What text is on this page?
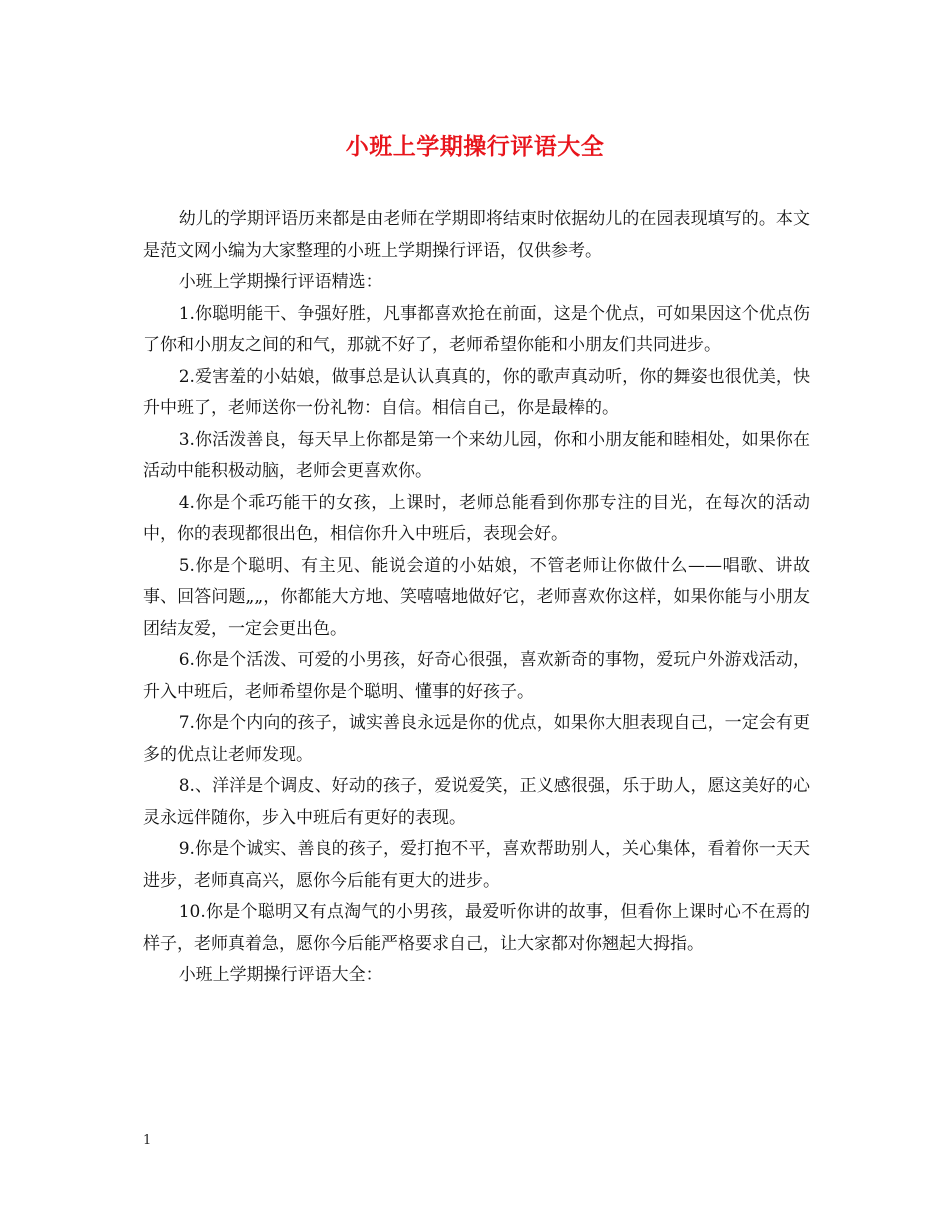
小班上学期操行评语大全

幼儿的学期评语历来都是由老师在学期即将结束时依据幼儿的在园表现填写的。本文是范文网小编为大家整理的小班上学期操行评语，仅供参考。

小班上学期操行评语精选：

1.你聪明能干、争强好胜，凡事都喜欢抢在前面，这是个优点，可如果因这个优点伤了你和小朋友之间的和气，那就不好了，老师希望你能和小朋友们共同进步。

2.爱害羞的小姑娘，做事总是认认真真的，你的歌声真动听，你的舞姿也很优美，快升中班了，老师送你一份礼物：自信。相信自己，你是最棒的。

3.你活泼善良，每天早上你都是第一个来幼儿园，你和小朋友能和睦相处，如果你在活动中能积极动脑，老师会更喜欢你。

4.你是个乖巧能干的女孩，上课时，老师总能看到你那专注的目光，在每次的活动中，你的表现都很出色，相信你升入中班后，表现会好。

5.你是个聪明、有主见、能说会道的小姑娘，不管老师让你做什么——唱歌、讲故事、回答问题„„，你都能大方地、笑嘻嘻地做好它，老师喜欢你这样，如果你能与小朋友团结友爱，一定会更出色。

6.你是个活泼、可爱的小男孩，好奇心很强，喜欢新奇的事物，爱玩户外游戏活动，升入中班后，老师希望你是个聪明、懂事的好孩子。

7.你是个内向的孩子，诚实善良永远是你的优点，如果你大胆表现自己，一定会有更多的优点让老师发现。

8.、洋洋是个调皮、好动的孩子，爱说爱笑，正义感很强，乐于助人，愿这美好的心灵永远伴随你，步入中班后有更好的表现。

9.你是个诚实、善良的孩子，爱打抱不平，喜欢帮助别人，关心集体，看着你一天天进步，老师真高兴，愿你今后能有更大的进步。

10.你是个聪明又有点淘气的小男孩，最爱听你讲的故事，但看你上课时心不在焉的样子，老师真着急，愿你今后能严格要求自己，让大家都对你翘起大拇指。

小班上学期操行评语大全：

1
